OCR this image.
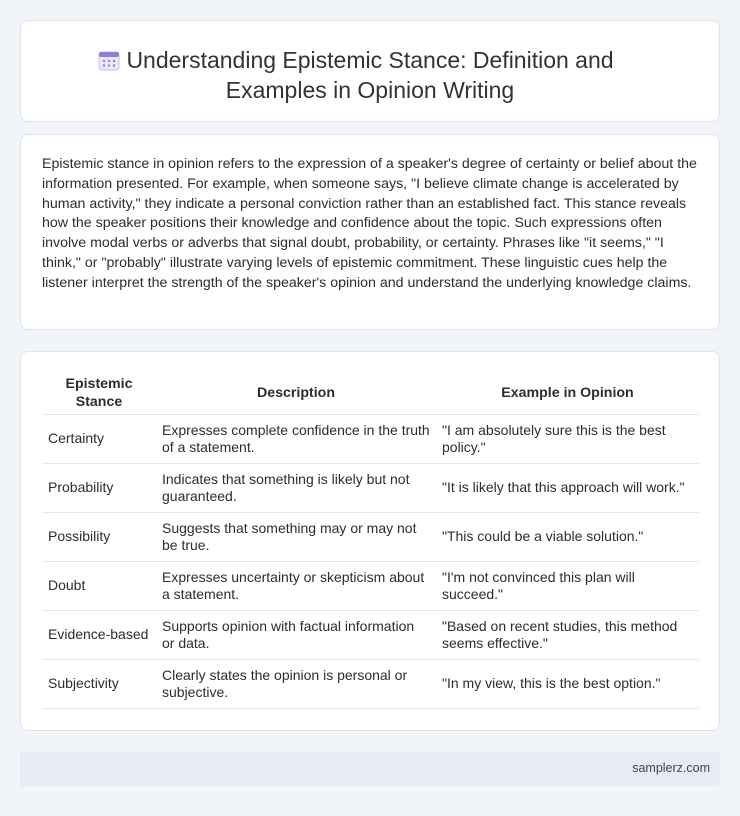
Understanding Epistemic Stance: Definition and Examples in Opinion Writing

Epistemic stance in opinion refers to the expression of a speaker's degree of certainty or belief about the information presented. For example, when someone says, "I believe climate change is accelerated by human activity," they indicate a personal conviction rather than an established fact. This stance reveals how the speaker positions their knowledge and confidence about the topic. Such expressions often involve modal verbs or adverbs that signal doubt, probability, or certainty. Phrases like "it seems," "I think," or "probably" illustrate varying levels of epistemic commitment. These linguistic cues help the listener interpret the strength of the speaker's opinion and understand the underlying knowledge claims.

Epistemic Stance	Description	Example in Opinion
Certainty	Expresses complete confidence in the truth of a statement.	"I am absolutely sure this is the best policy."
Probability	Indicates that something is likely but not guaranteed.	"It is likely that this approach will work."
Possibility	Suggests that something may or may not be true.	"This could be a viable solution."
Doubt	Expresses uncertainty or skepticism about a statement.	"I'm not convinced this plan will succeed."
Evidence-based	Supports opinion with factual information or data.	"Based on recent studies, this method seems effective."
Subjectivity	Clearly states the opinion is personal or subjective.	"In my view, this is the best option."
samplerz.com
